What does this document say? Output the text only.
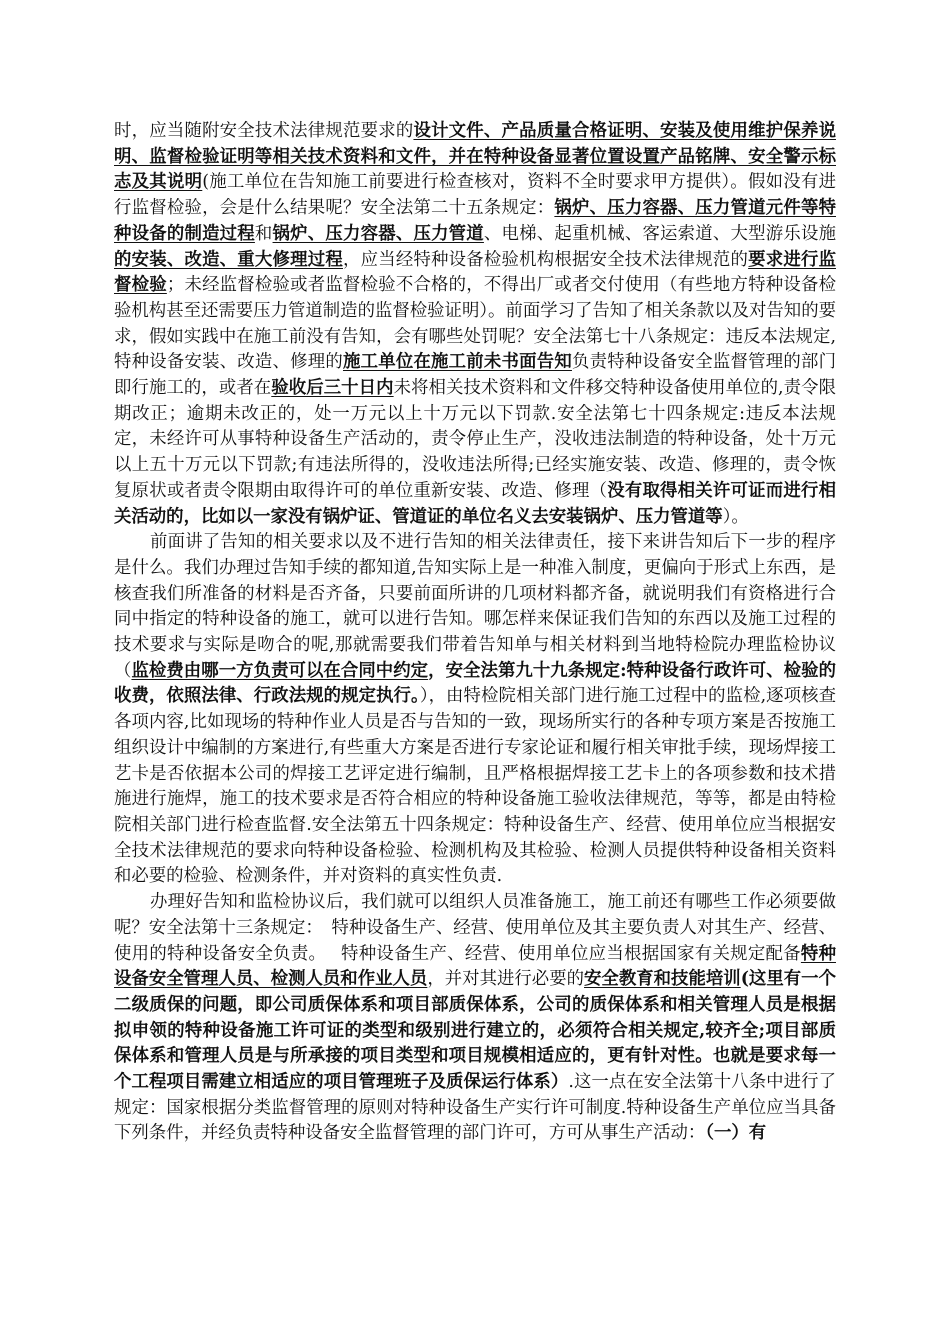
时，应当随附安全技术法律规范要求的设计文件、产品质量合格证明、安装及使用维护保养说明、监督检验证明等相关技术资料和文件，并在特种设备显著位置设置产品铭牌、安全警示标志及其说明(施工单位在告知施工前要进行检查核对，资料不全时要求甲方提供）。假如没有进行监督检验，会是什么结果呢？安全法第二十五条规定：锅炉、压力容器、压力管道元件等特种设备的制造过程和锅炉、压力容器、压力管道、电梯、起重机械、客运索道、大型游乐设施的安装、改造、重大修理过程，应当经特种设备检验机构根据安全技术法律规范的要求进行监督检验；未经监督检验或者监督检验不合格的，不得出厂或者交付使用（有些地方特种设备检验机构甚至还需要压力管道制造的监督检验证明）。前面学习了告知了相关条款以及对告知的要求，假如实践中在施工前没有告知，会有哪些处罚呢？安全法第七十八条规定：违反本法规定,特种设备安装、改造、修理的施工单位在施工前未书面告知负责特种设备安全监督管理的部门即行施工的，或者在验收后三十日内未将相关技术资料和文件移交特种设备使用单位的,责令限期改正；逾期未改正的，处一万元以上十万元以下罚款.安全法第七十四条规定:违反本法规定，未经许可从事特种设备生产活动的，责令停止生产，没收违法制造的特种设备，处十万元以上五十万元以下罚款;有违法所得的，没收违法所得;已经实施安装、改造、修理的，责令恢复原状或者责令限期由取得许可的单位重新安装、改造、修理（没有取得相关许可证而进行相关活动的，比如以一家没有锅炉证、管道证的单位名义去安装锅炉、压力管道等）。

前面讲了告知的相关要求以及不进行告知的相关法律责任，接下来讲告知后下一步的程序是什么。我们办理过告知手续的都知道,告知实际上是一种准入制度，更偏向于形式上东西，是核查我们所准备的材料是否齐备，只要前面所讲的几项材料都齐备，就说明我们有资格进行合同中指定的特种设备的施工，就可以进行告知。哪怎样来保证我们告知的东西以及施工过程的技术要求与实际是吻合的呢,那就需要我们带着告知单与相关材料到当地特检院办理监检协议（监检费由哪一方负责可以在合同中约定，安全法第九十九条规定:特种设备行政许可、检验的收费，依照法律、行政法规的规定执行。），由特检院相关部门进行施工过程中的监检,逐项核查各项内容,比如现场的特种作业人员是否与告知的一致，现场所实行的各种专项方案是否按施工组织设计中编制的方案进行,有些重大方案是否进行专家论证和履行相关审批手续，现场焊接工艺卡是否依据本公司的焊接工艺评定进行编制，且严格根据焊接工艺卡上的各项参数和技术措施进行施焊，施工的技术要求是否符合相应的特种设备施工验收法律规范，等等，都是由特检院相关部门进行检查监督.安全法第五十四条规定：特种设备生产、经营、使用单位应当根据安全技术法律规范的要求向特种设备检验、检测机构及其检验、检测人员提供特种设备相关资料和必要的检验、检测条件，并对资料的真实性负责.

办理好告知和监检协议后，我们就可以组织人员准备施工，施工前还有哪些工作必须要做呢？安全法第十三条规定：　特种设备生产、经营、使用单位及其主要负责人对其生产、经营、使用的特种设备安全负责。　 特种设备生产、经营、使用单位应当根据国家有关规定配备特种设备安全管理人员、检测人员和作业人员，并对其进行必要的安全教育和技能培训(这里有一个二级质保的问题，即公司质保体系和项目部质保体系，公司的质保体系和相关管理人员是根据拟申领的特种设备施工许可证的类型和级别进行建立的，必须符合相关规定,较齐全;项目部质保体系和管理人员是与所承接的项目类型和项目规模相适应的，更有针对性。也就是要求每一个工程项目需建立相适应的项目管理班子及质保运行体系）.这一点在安全法第十八条中进行了规定：国家根据分类监督管理的原则对特种设备生产实行许可制度.特种设备生产单位应当具备下列条件，并经负责特种设备安全监督管理的部门许可，方可从事生产活动：（一）有
